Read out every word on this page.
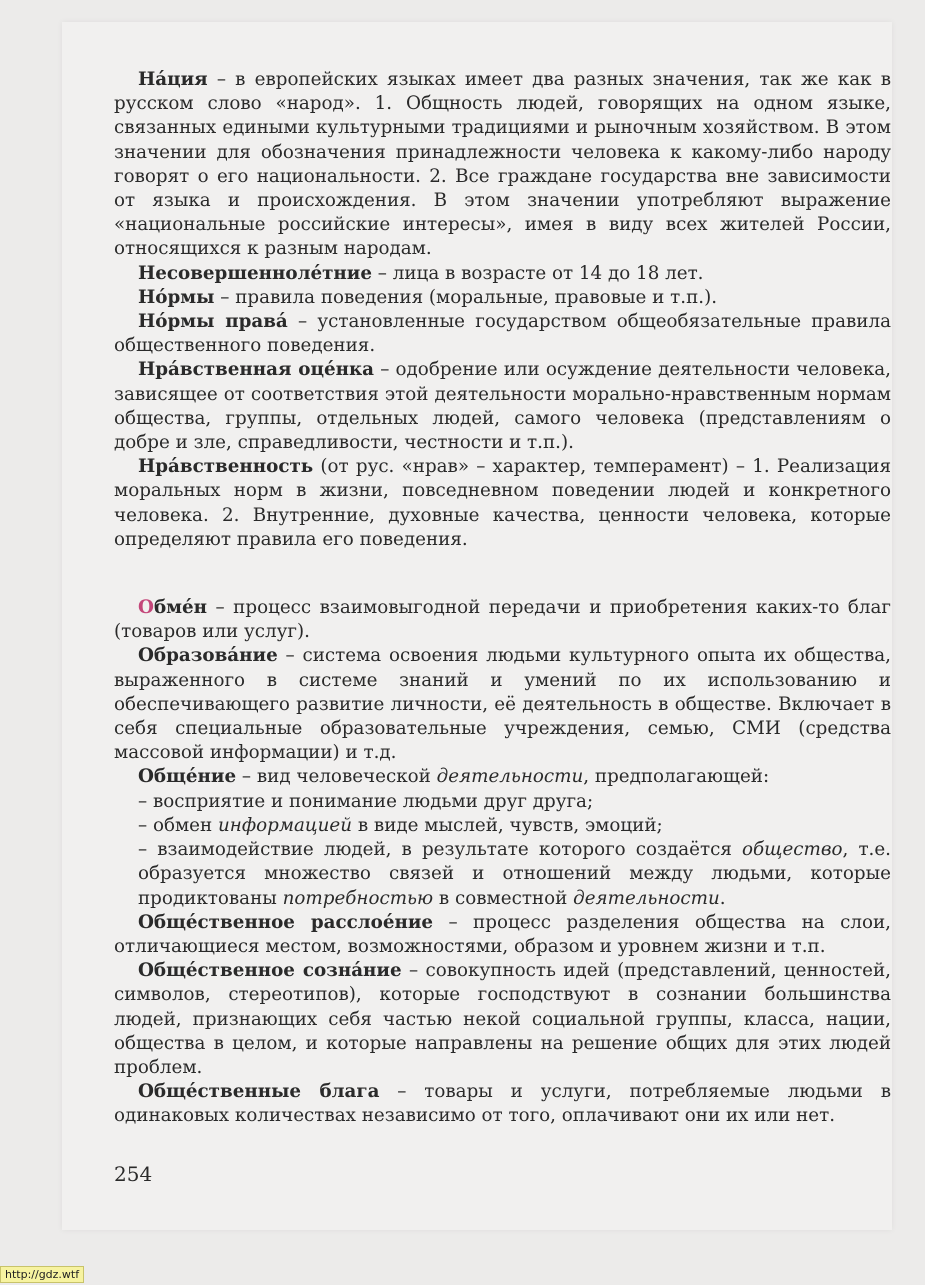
Нáция – в европейских языках имеет два разных значения, так же как в русском слово «народ». 1. Общность людей, говорящих на одном языке, связанных едиными культурными традициями и рыночным хозяйством. В этом значении для обозначения принадлежности человека к какому-либо народу говорят о его национальности. 2. Все граждане государства вне зависимости от языка и происхождения. В этом значении употребляют выражение «национальные российские интересы», имея в виду всех жителей России, относящихся к разным народам.

Несовершеннолéтние – лица в возрасте от 14 до 18 лет.

Нóрмы – правила поведения (моральные, правовые и т.п.).

Нóрмы правá – установленные государством общеобязательные правила общественного поведения.

Нрáвственная оцéнка – одобрение или осуждение деятельности человека, зависящее от соответствия этой деятельности морально-нравственным нормам общества, группы, отдельных людей, самого человека (представлениям о добре и зле, справедливости, честности и т.п.).

Нрáвственность (от рус. «нрав» – характер, темперамент) – 1. Реализация моральных норм в жизни, повседневном поведении людей и конкретного человека. 2. Внутренние, духовные качества, ценности человека, которые определяют правила его поведения.

Обмéн – процесс взаимовыгодной передачи и приобретения каких-то благ (товаров или услуг).

Образовáние – система освоения людьми культурного опыта их общества, выраженного в системе знаний и умений по их использованию и обеспечивающего развитие личности, её деятельность в обществе. Включает в себя специальные образовательные учреждения, семью, СМИ (средства массовой информации) и т.д.

Общéние – вид человеческой деятельности, предполагающей:

– восприятие и понимание людьми друг друга;
– обмен информацией в виде мыслей, чувств, эмоций;
– взаимодействие людей, в результате которого создаётся общество, т.е. образуется множество связей и отношений между людьми, которые продиктованы потребностью в совместной деятельности.

Общéственное расслоéние – процесс разделения общества на слои, отличающиеся местом, возможностями, образом и уровнем жизни и т.п.

Общéственное сознáние – совокупность идей (представлений, ценностей, символов, стереотипов), которые господствуют в сознании большинства людей, признающих себя частью некой социальной группы, класса, нации, общества в целом, и которые направлены на решение общих для этих людей проблем.

Общéственные блага – товары и услуги, потребляемые людьми в одинаковых количествах независимо от того, оплачивают они их или нет.

254
http://gdz.wtf
